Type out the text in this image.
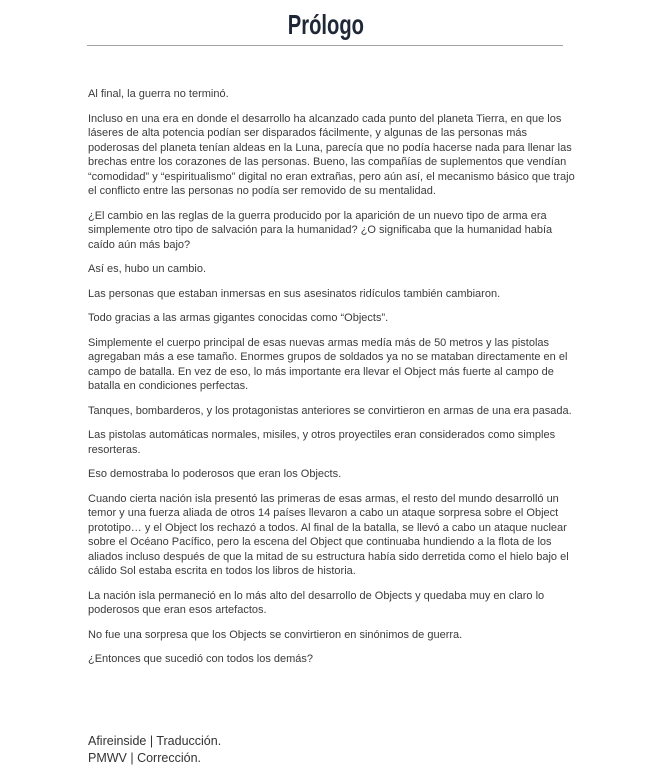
Prólogo

Al final, la guerra no terminó.

Incluso en una era en donde el desarrollo ha alcanzado cada punto del planeta Tierra, en que los láseres de alta potencia podían ser disparados fácilmente, y algunas de las personas más poderosas del planeta tenían aldeas en la Luna, parecía que no podía hacerse nada para llenar las brechas entre los corazones de las personas. Bueno, las compañías de suplementos que vendían “comodidad” y “espiritualismo” digital no eran extrañas, pero aún así, el mecanismo básico que trajo el conflicto entre las personas no podía ser removido de su mentalidad.

¿El cambio en las reglas de la guerra producido por la aparición de un nuevo tipo de arma era simplemente otro tipo de salvación para la humanidad? ¿O significaba que la humanidad había caído aún más bajo?

Así es, hubo un cambio.

Las personas que estaban inmersas en sus asesinatos ridículos también cambiaron.

Todo gracias a las armas gigantes conocidas como “Objects”.

Simplemente el cuerpo principal de esas nuevas armas medía más de 50 metros y las pistolas agregaban más a ese tamaño. Enormes grupos de soldados ya no se mataban directamente en el campo de batalla. En vez de eso, lo más importante era llevar el Object más fuerte al campo de batalla en condiciones perfectas.

Tanques, bombarderos, y los protagonistas anteriores se convirtieron en armas de una era pasada.

Las pistolas automáticas normales, misiles, y otros proyectiles eran considerados como simples resorteras.

Eso demostraba lo poderosos que eran los Objects.

Cuando cierta nación isla presentó las primeras de esas armas, el resto del mundo desarrolló un temor y una fuerza aliada de otros 14 países llevaron a cabo un ataque sorpresa sobre el Object prototipo… y el Object los rechazó a todos. Al final de la batalla, se llevó a cabo un ataque nuclear sobre el Océano Pacífico, pero la escena del Object que continuaba hundiendo a la flota de los aliados incluso después de que la mitad de su estructura había sido derretida como el hielo bajo el cálido Sol estaba escrita en todos los libros de historia.

La nación isla permaneció en lo más alto del desarrollo de Objects y quedaba muy en claro lo poderosos que eran esos artefactos.

No fue una sorpresa que los Objects se convirtieron en sinónimos de guerra.

¿Entonces que sucedió con todos los demás?

Afireinside | Traducción.
PMWV | Corrección.
